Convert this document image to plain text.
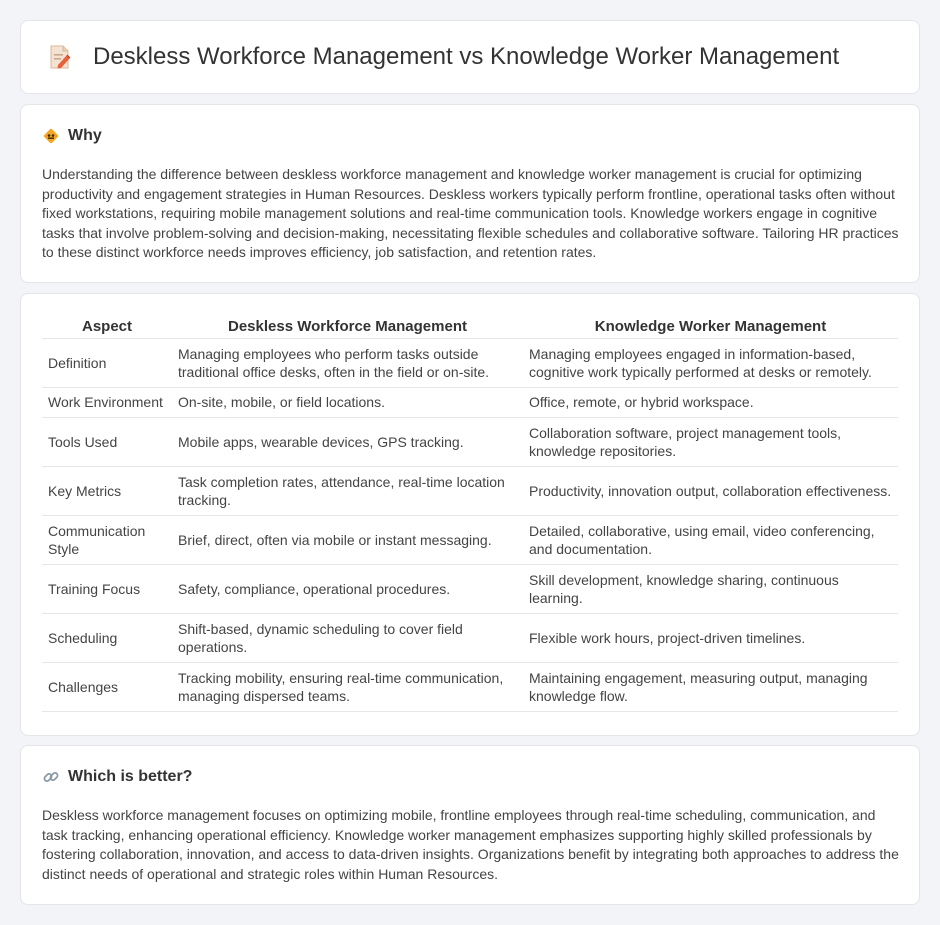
Deskless Workforce Management vs Knowledge Worker Management
Why

Understanding the difference between deskless workforce management and knowledge worker management is crucial for optimizing productivity and engagement strategies in Human Resources. Deskless workers typically perform frontline, operational tasks often without fixed workstations, requiring mobile management solutions and real-time communication tools. Knowledge workers engage in cognitive tasks that involve problem-solving and decision-making, necessitating flexible schedules and collaborative software. Tailoring HR practices to these distinct workforce needs improves efficiency, job satisfaction, and retention rates.

Aspect	Deskless Workforce Management	Knowledge Worker Management
Definition	Managing employees who perform tasks outside traditional office desks, often in the field or on-site.	Managing employees engaged in information-based, cognitive work typically performed at desks or remotely.
Work Environment	On-site, mobile, or field locations.	Office, remote, or hybrid workspace.
Tools Used	Mobile apps, wearable devices, GPS tracking.	Collaboration software, project management tools, knowledge repositories.
Key Metrics	Task completion rates, attendance, real-time location tracking.	Productivity, innovation output, collaboration effectiveness.
Communication Style	Brief, direct, often via mobile or instant messaging.	Detailed, collaborative, using email, video conferencing, and documentation.
Training Focus	Safety, compliance, operational procedures.	Skill development, knowledge sharing, continuous learning.
Scheduling	Shift-based, dynamic scheduling to cover field operations.	Flexible work hours, project-driven timelines.
Challenges	Tracking mobility, ensuring real-time communication, managing dispersed teams.	Maintaining engagement, measuring output, managing knowledge flow.
Which is better?

Deskless workforce management focuses on optimizing mobile, frontline employees through real-time scheduling, communication, and task tracking, enhancing operational efficiency. Knowledge worker management emphasizes supporting highly skilled professionals by fostering collaboration, innovation, and access to data-driven insights. Organizations benefit by integrating both approaches to address the distinct needs of operational and strategic roles within Human Resources.
